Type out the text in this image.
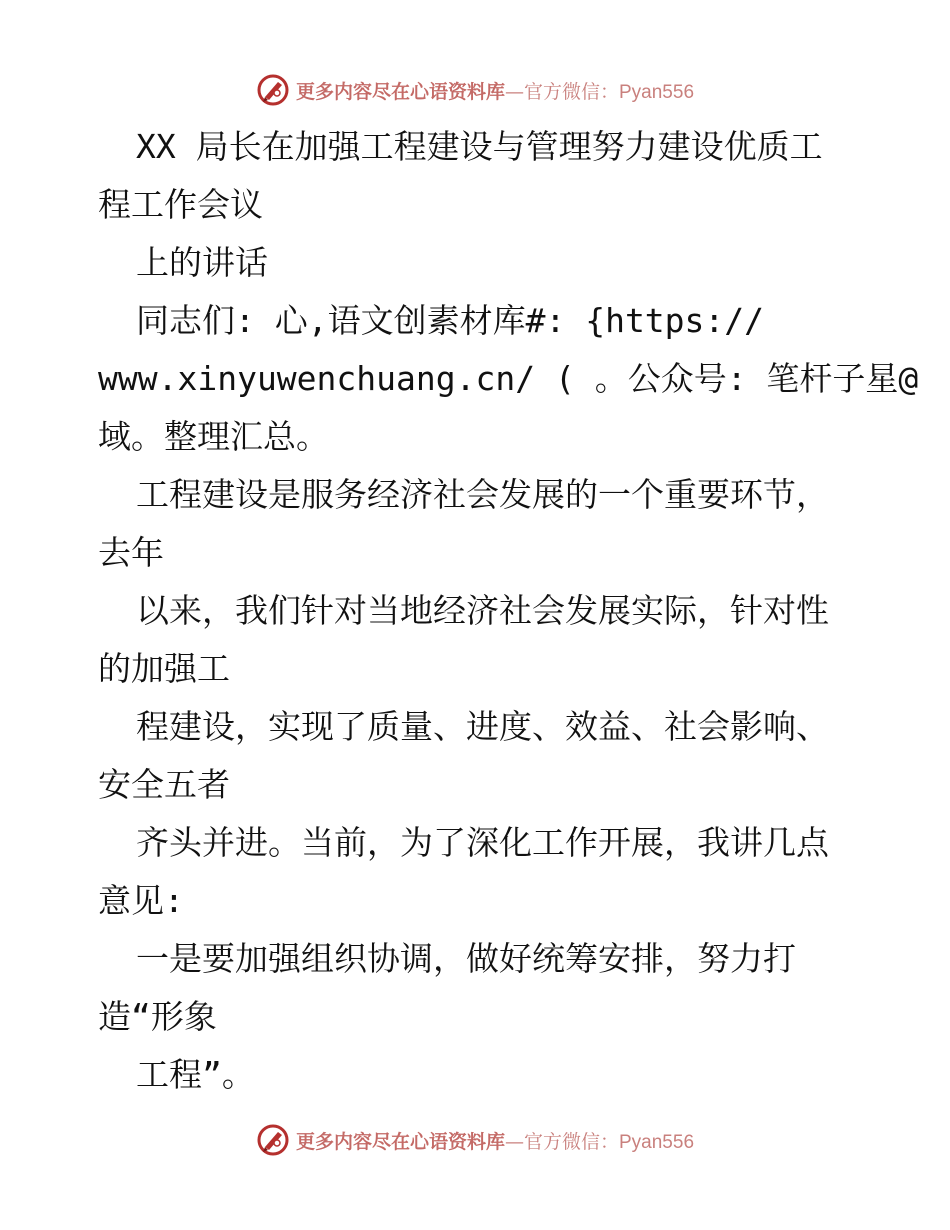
更多内容尽在心语资料库—官方微信：Pyan556
XX 局长在加强工程建设与管理努力建设优质工
程工作会议
上的讲话
同志们: 心,语文创素材库#: {https://
www.xinyuwenchuang.cn/ ( 。公众号: 笔杆子星@
域。整理汇总。
工程建设是服务经济社会发展的一个重要环节，
去年
以来，我们针对当地经济社会发展实际，针对性
的加强工
程建设，实现了质量、进度、效益、社会影响、
安全五者
齐头并进。当前，为了深化工作开展，我讲几点
意见:
一是要加强组织协调，做好统筹安排，努力打
造“形象
工程”。
更多内容尽在心语资料库—官方微信：Pyan556
